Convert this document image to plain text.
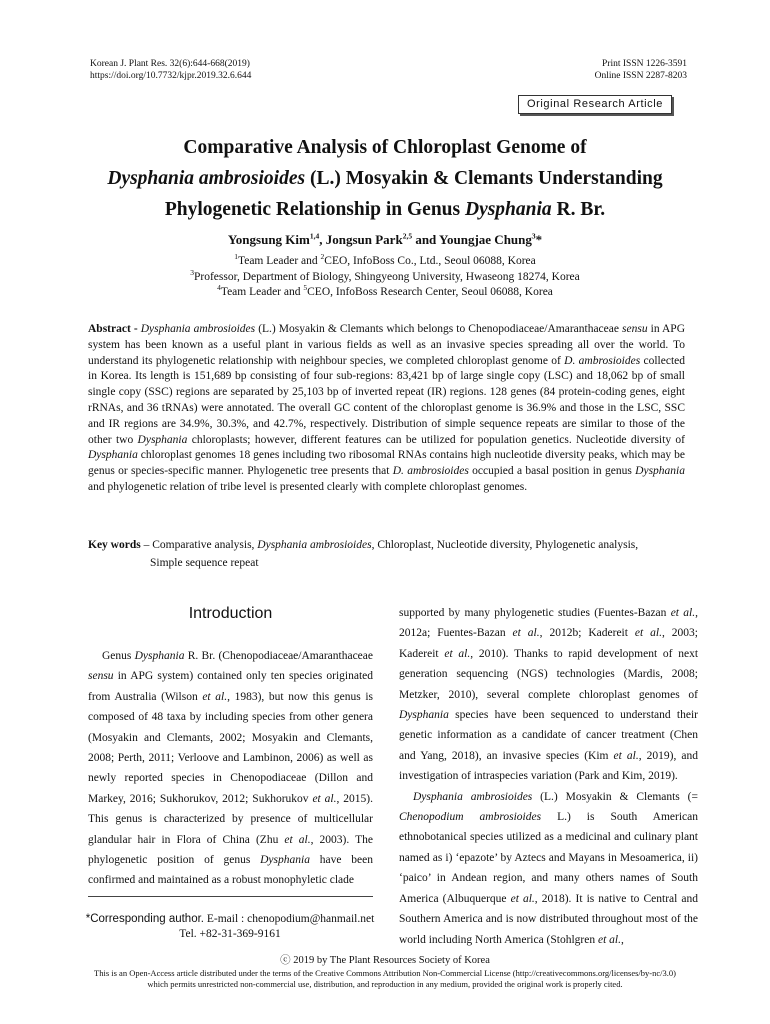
Korean J. Plant Res. 32(6):644-668(2019)
https://doi.org/10.7732/kjpr.2019.32.6.644
Print ISSN 1226-3591
Online ISSN 2287-8203
Original Research Article
Comparative Analysis of Chloroplast Genome of
Dysphania ambrosioides (L.) Mosyakin & Clemants Understanding
Phylogenetic Relationship in Genus Dysphania R. Br.
Yongsung Kim$^{1,4}$, Jongsun Park$^{2,5}$ and Youngjae Chung$^3$*
$^1$Team Leader and $^2$CEO, InfoBoss Co., Ltd., Seoul 06088, Korea
$^3$Professor, Department of Biology, Shingyeong University, Hwaseong 18274, Korea
$^4$Team Leader and $^5$CEO, InfoBoss Research Center, Seoul 06088, Korea
Abstract - Dysphania ambrosioides (L.) Mosyakin & Clemants which belongs to Chenopodiaceae/Amaranthaceae sensu in APG system has been known as a useful plant in various fields as well as an invasive species spreading all over the world. To understand its phylogenetic relationship with neighbour species, we completed chloroplast genome of D. ambrosioides collected in Korea. Its length is 151,689 bp consisting of four sub-regions: 83,421 bp of large single copy (LSC) and 18,062 bp of small single copy (SSC) regions are separated by 25,103 bp of inverted repeat (IR) regions. 128 genes (84 protein-coding genes, eight rRNAs, and 36 tRNAs) were annotated. The overall GC content of the chloroplast genome is 36.9% and those in the LSC, SSC and IR regions are 34.9%, 30.3%, and 42.7%, respectively. Distribution of simple sequence repeats are similar to those of the other two Dysphania chloroplasts; however, different features can be utilized for population genetics. Nucleotide diversity of Dysphania chloroplast genomes 18 genes including two ribosomal RNAs contains high nucleotide diversity peaks, which may be genus or species-specific manner. Phylogenetic tree presents that D. ambrosioides occupied a basal position in genus Dysphania and phylogenetic relation of tribe level is presented clearly with complete chloroplast genomes.
Key words – Comparative analysis, Dysphania ambrosioides, Chloroplast, Nucleotide diversity, Phylogenetic analysis,
Simple sequence repeat
Introduction
Genus Dysphania R. Br. (Chenopodiaceae/Amaranthaceae sensu in APG system) contained only ten species originated from Australia (Wilson et al., 1983), but now this genus is composed of 48 taxa by including species from other genera (Mosyakin and Clemants, 2002; Mosyakin and Clemants, 2008; Perth, 2011; Verloove and Lambinon, 2006) as well as newly reported species in Chenopodiaceae (Dillon and Markey, 2016; Sukhorukov, 2012; Sukhorukov et al., 2015). This genus is characterized by presence of multicellular glandular hair in Flora of China (Zhu et al., 2003). The phylogenetic position of genus Dysphania have been confirmed and maintained as a robust monophyletic clade

supported by many phylogenetic studies (Fuentes-Bazan et al., 2012a; Fuentes-Bazan et al., 2012b; Kadereit et al., 2003; Kadereit et al., 2010). Thanks to rapid development of next generation sequencing (NGS) technologies (Mardis, 2008; Metzker, 2010), several complete chloroplast genomes of Dysphania species have been sequenced to understand their genetic information as a candidate of cancer treatment (Chen and Yang, 2018), an invasive species (Kim et al., 2019), and investigation of intraspecies variation (Park and Kim, 2019).

Dysphania ambrosioides (L.) Mosyakin & Clemants (= Chenopodium ambrosioides L.) is South American ethnobotanical species utilized as a medicinal and culinary plant named as i) ‘epazote’ by Aztecs and Mayans in Mesoamerica, ii) ‘paico’ in Andean region, and many others names of South America (Albuquerque et al., 2018). It is native to Central and Southern America and is now distributed throughout most of the world including North America (Stohlgren et al.,

*Corresponding author. E-mail : chenopodium@hanmail.net
Tel. +82-31-369-9161
ⓒ 2019 by The Plant Resources Society of Korea
This is an Open-Access article distributed under the terms of the Creative Commons Attribution Non-Commercial License (http://creativecommons.org/licenses/by-nc/3.0)
which permits unrestricted non-commercial use, distribution, and reproduction in any medium, provided the original work is properly cited.
